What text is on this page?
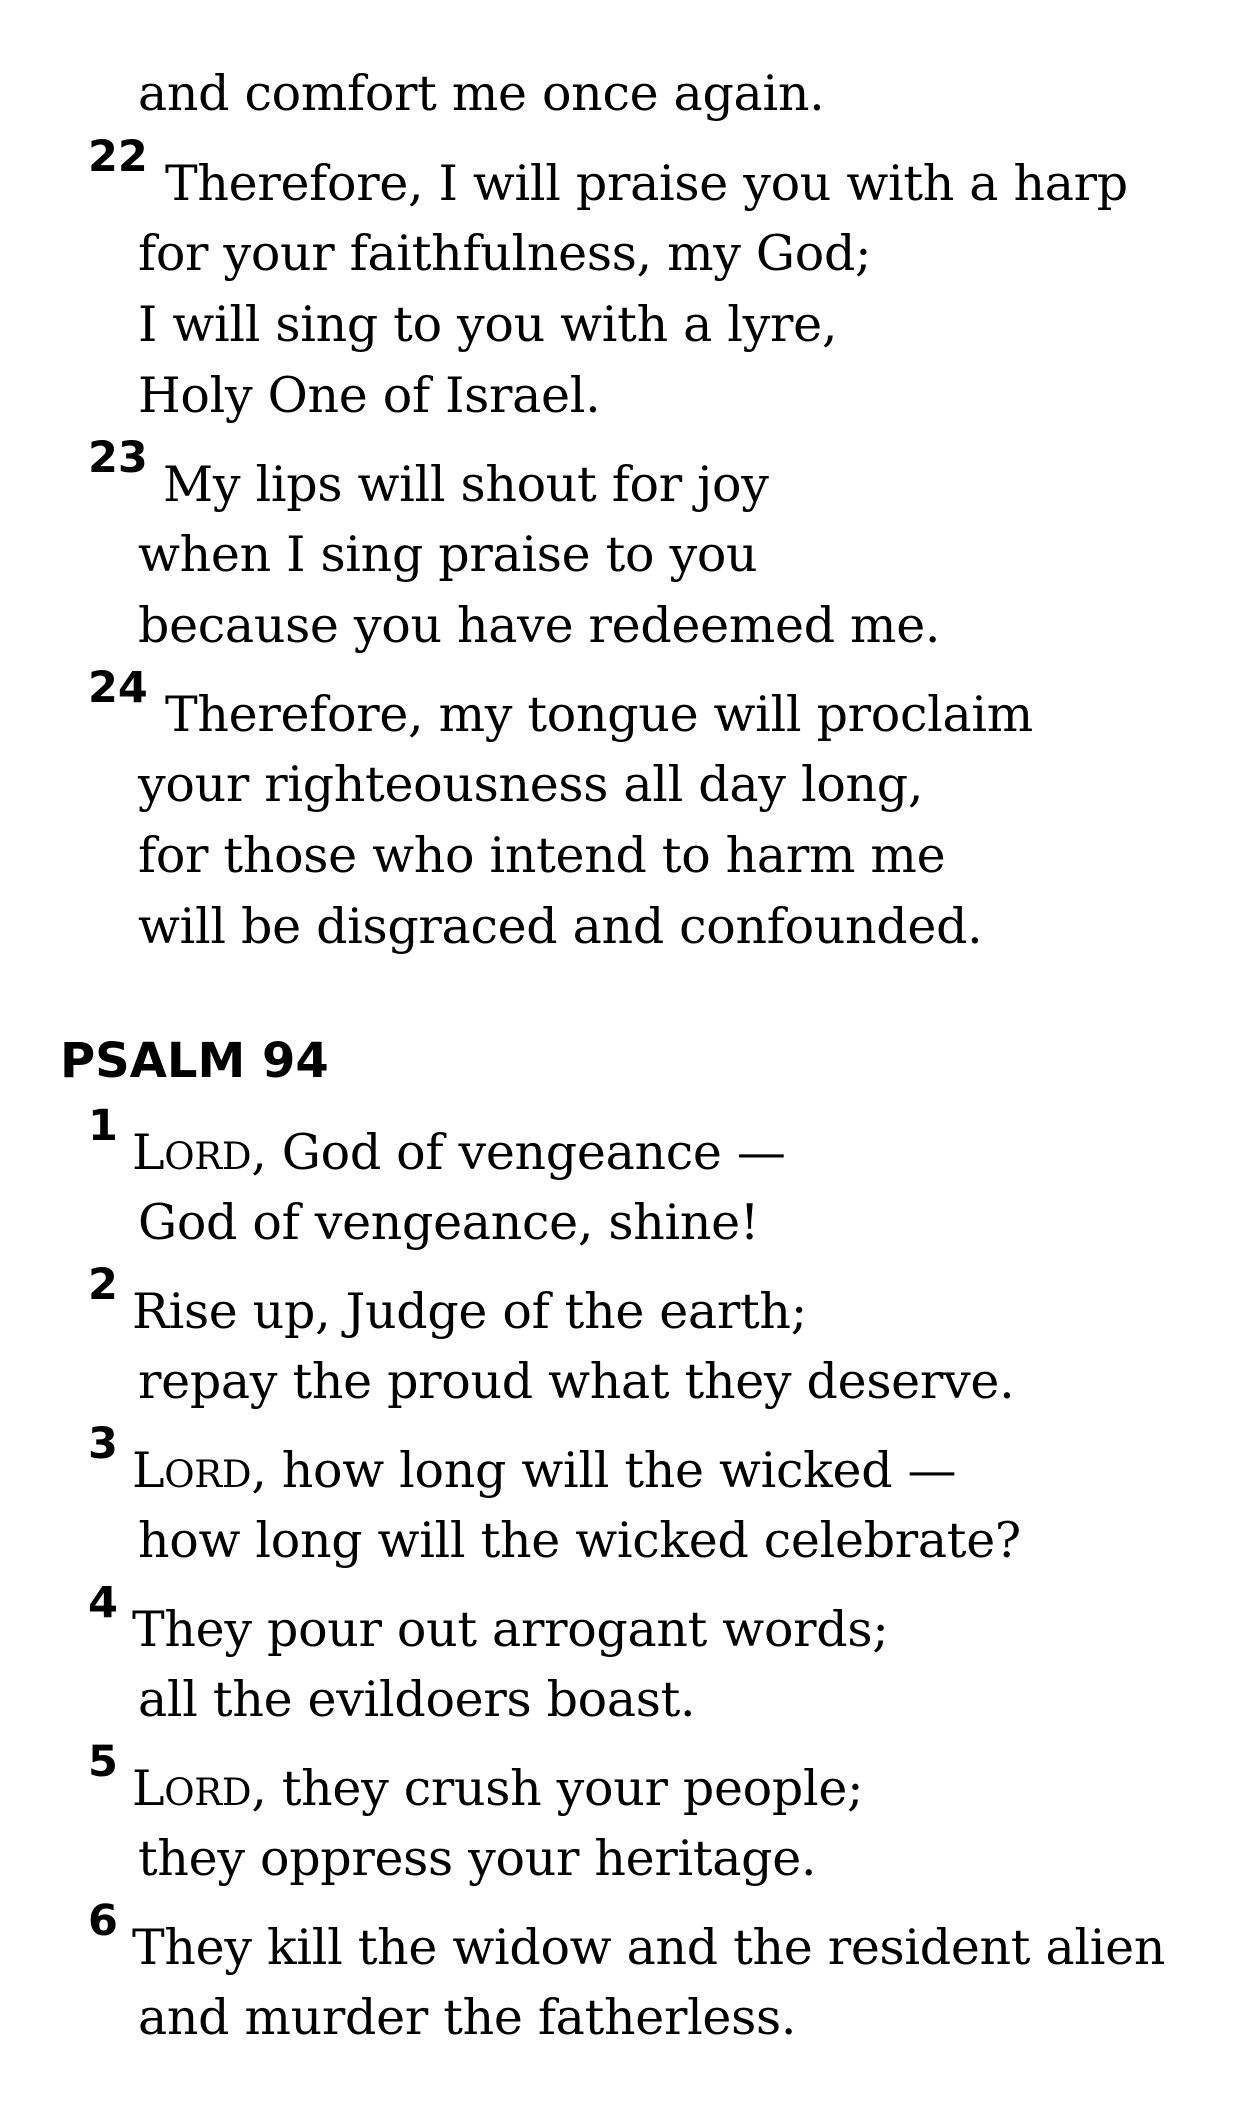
and comfort me once again.
22 Therefore, I will praise you with a harp
for your faithfulness, my God;
I will sing to you with a lyre,
Holy One of Israel.
23 My lips will shout for joy
when I sing praise to you
because you have redeemed me.
24 Therefore, my tongue will proclaim
your righteousness all day long,
for those who intend to harm me
will be disgraced and confounded.
PSALM 94
1 LORD, God of vengeance —
God of vengeance, shine!
2 Rise up, Judge of the earth;
repay the proud what they deserve.
3 LORD, how long will the wicked —
how long will the wicked celebrate?
4 They pour out arrogant words;
all the evildoers boast.
5 LORD, they crush your people;
they oppress your heritage.
6 They kill the widow and the resident alien
and murder the fatherless.
